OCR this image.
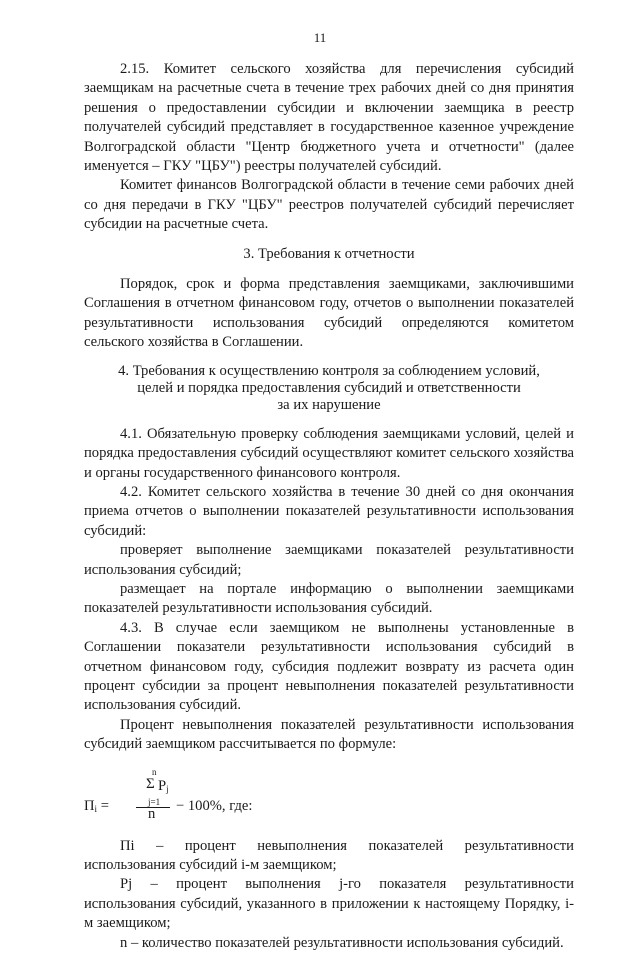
11

2.15. Комитет сельского хозяйства для перечисления субсидий заемщикам на расчетные счета в течение трех рабочих дней со дня принятия решения о предоставлении субсидии и включении заемщика в реестр получателей субсидий представляет в государственное казенное учреждение Волгоградской области "Центр бюджетного учета и отчетности" (далее именуется – ГКУ "ЦБУ") реестры получателей субсидий.

Комитет финансов Волгоградской области в течение семи рабочих дней со дня передачи в ГКУ "ЦБУ" реестров получателей субсидий перечисляет субсидии на расчетные счета.

3. Требования к отчетности

Порядок, срок и форма представления заемщиками, заключившими Соглашения в отчетном финансовом году, отчетов о выполнении показателей результативности использования субсидий определяются комитетом сельского хозяйства в Соглашении.

4. Требования к осуществлению контроля за соблюдением условий,
целей и порядка предоставления субсидий и ответственности
за их нарушение

4.1. Обязательную проверку соблюдения заемщиками условий, целей и порядка предоставления субсидий осуществляют комитет сельского хозяйства и органы государственного финансового контроля.

4.2. Комитет сельского хозяйства в течение 30 дней со дня окончания приема отчетов о выполнении показателей результативности использования субсидий:

проверяет выполнение заемщиками показателей результативности использования субсидий;

размещает на портале информацию о выполнении заемщиками показателей результативности использования субсидий.

4.3. В случае если заемщиком не выполнены установленные в Соглашении показатели результативности использования субсидий в отчетном финансовом году, субсидия подлежит возврату из расчета один процент субсидии за процент невыполнения показателей результативности использования субсидий.

Процент невыполнения показателей результативности использования субсидий заемщиком рассчитывается по формуле:

n
Σ $P_j$
j=1
$П_i$ =	n − 100%, где:

Пi – процент невыполнения показателей результативности использования субсидий i-м заемщиком;

Pj – процент выполнения j-го показателя результативности использования субсидий, указанного в приложении к настоящему Порядку, i-м заемщиком;

n – количество показателей результативности использования субсидий.
